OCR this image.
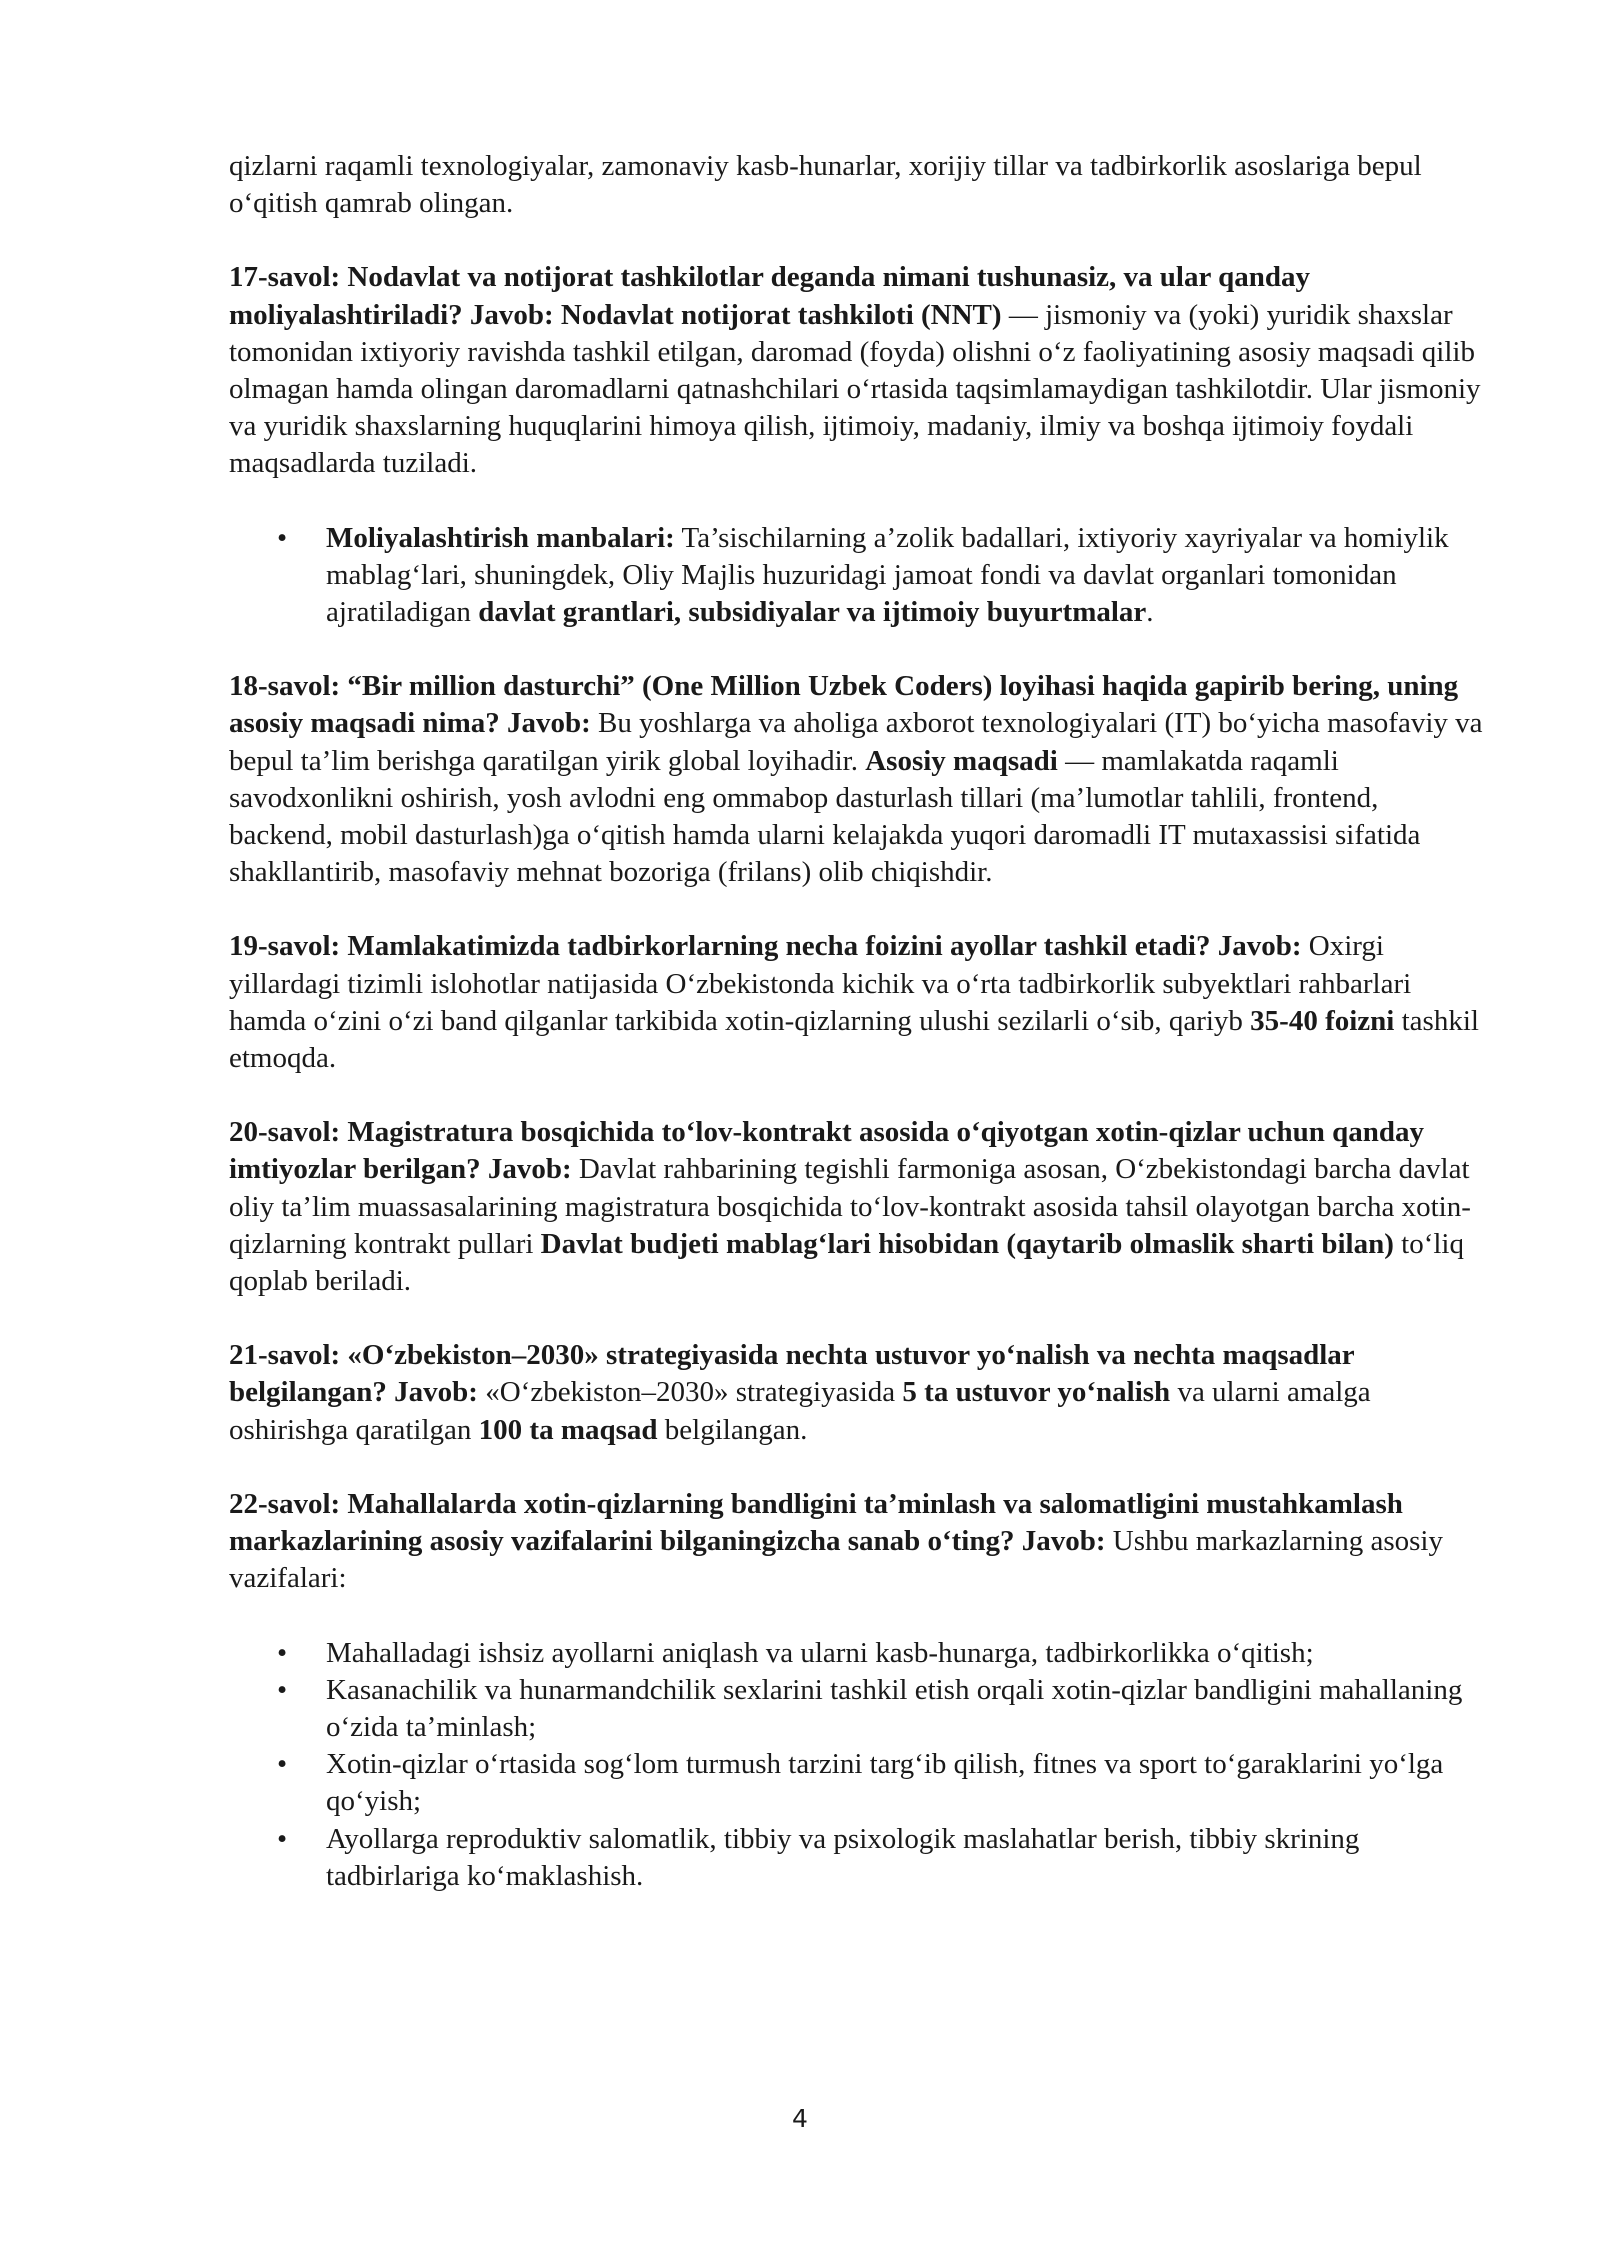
qizlarni raqamli texnologiyalar, zamonaviy kasb-hunarlar, xorijiy tillar va tadbirkorlik asoslariga bepul o‘qitish qamrab olingan.

17-savol: Nodavlat va notijorat tashkilotlar deganda nimani tushunasiz, va ular qanday moliyalashtiriladi? Javob: Nodavlat notijorat tashkiloti (NNT) — jismoniy va (yoki) yuridik shaxslar tomonidan ixtiyoriy ravishda tashkil etilgan, daromad (foyda) olishni o‘z faoliyatining asosiy maqsadi qilib olmagan hamda olingan daromadlarni qatnashchilari o‘rtasida taqsimlamaydigan tashkilotdir. Ular jismoniy va yuridik shaxslarning huquqlarini himoya qilish, ijtimoiy, madaniy, ilmiy va boshqa ijtimoiy foydali maqsadlarda tuziladi.

• Moliyalashtirish manbalari: Ta’sischilarning a’zolik badallari, ixtiyoriy xayriyalar va homiylik mablag‘lari, shuningdek, Oliy Majlis huzuridagi jamoat fondi va davlat organlari tomonidan ajratiladigan davlat grantlari, subsidiyalar va ijtimoiy buyurtmalar.

18-savol: “Bir million dasturchi” (One Million Uzbek Coders) loyihasi haqida gapirib bering, uning asosiy maqsadi nima? Javob: Bu yoshlarga va aholiga axborot texnologiyalari (IT) bo‘yicha masofaviy va bepul ta’lim berishga qaratilgan yirik global loyihadir. Asosiy maqsadi — mamlakatda raqamli savodxonlikni oshirish, yosh avlodni eng ommabop dasturlash tillari (ma’lumotlar tahlili, frontend, backend, mobil dasturlash)ga o‘qitish hamda ularni kelajakda yuqori daromadli IT mutaxassisi sifatida shakllantirib, masofaviy mehnat bozoriga (frilans) olib chiqishdir.

19-savol: Mamlakatimizda tadbirkorlarning necha foizini ayollar tashkil etadi? Javob: Oxirgi yillardagi tizimli islohotlar natijasida O‘zbekistonda kichik va o‘rta tadbirkorlik subyektlari rahbarlari hamda o‘zini o‘zi band qilganlar tarkibida xotin-qizlarning ulushi sezilarli o‘sib, qariyb 35-40 foizni tashkil etmoqda.

20-savol: Magistratura bosqichida to‘lov-kontrakt asosida o‘qiyotgan xotin-qizlar uchun qanday imtiyozlar berilgan? Javob: Davlat rahbarining tegishli farmoniga asosan, O‘zbekistondagi barcha davlat oliy ta’lim muassasalarining magistratura bosqichida to‘lov-kontrakt asosida tahsil olayotgan barcha xotin-qizlarning kontrakt pullari Davlat budjeti mablag‘lari hisobidan (qaytarib olmaslik sharti bilan) to‘liq qoplab beriladi.

21-savol: «O‘zbekiston–2030» strategiyasida nechta ustuvor yo‘nalish va nechta maqsadlar belgilangan? Javob: «O‘zbekiston–2030» strategiyasida 5 ta ustuvor yo‘nalish va ularni amalga oshirishga qaratilgan 100 ta maqsad belgilangan.

22-savol: Mahallalarda xotin-qizlarning bandligini ta’minlash va salomatligini mustahkamlash markazlarining asosiy vazifalarini bilganingizcha sanab o‘ting? Javob: Ushbu markazlarning asosiy vazifalari:

• Mahalladagi ishsiz ayollarni aniqlash va ularni kasb-hunarga, tadbirkorlikka o‘qitish;
• Kasanachilik va hunarmandchilik sexlarini tashkil etish orqali xotin-qizlar bandligini mahallaning o‘zida ta’minlash;
• Xotin-qizlar o‘rtasida sog‘lom turmush tarzini targ‘ib qilish, fitnes va sport to‘garaklarini yo‘lga qo‘yish;
• Ayollarga reproduktiv salomatlik, tibbiy va psixologik maslahatlar berish, tibbiy skrining tadbirlariga ko‘maklashish.
4
